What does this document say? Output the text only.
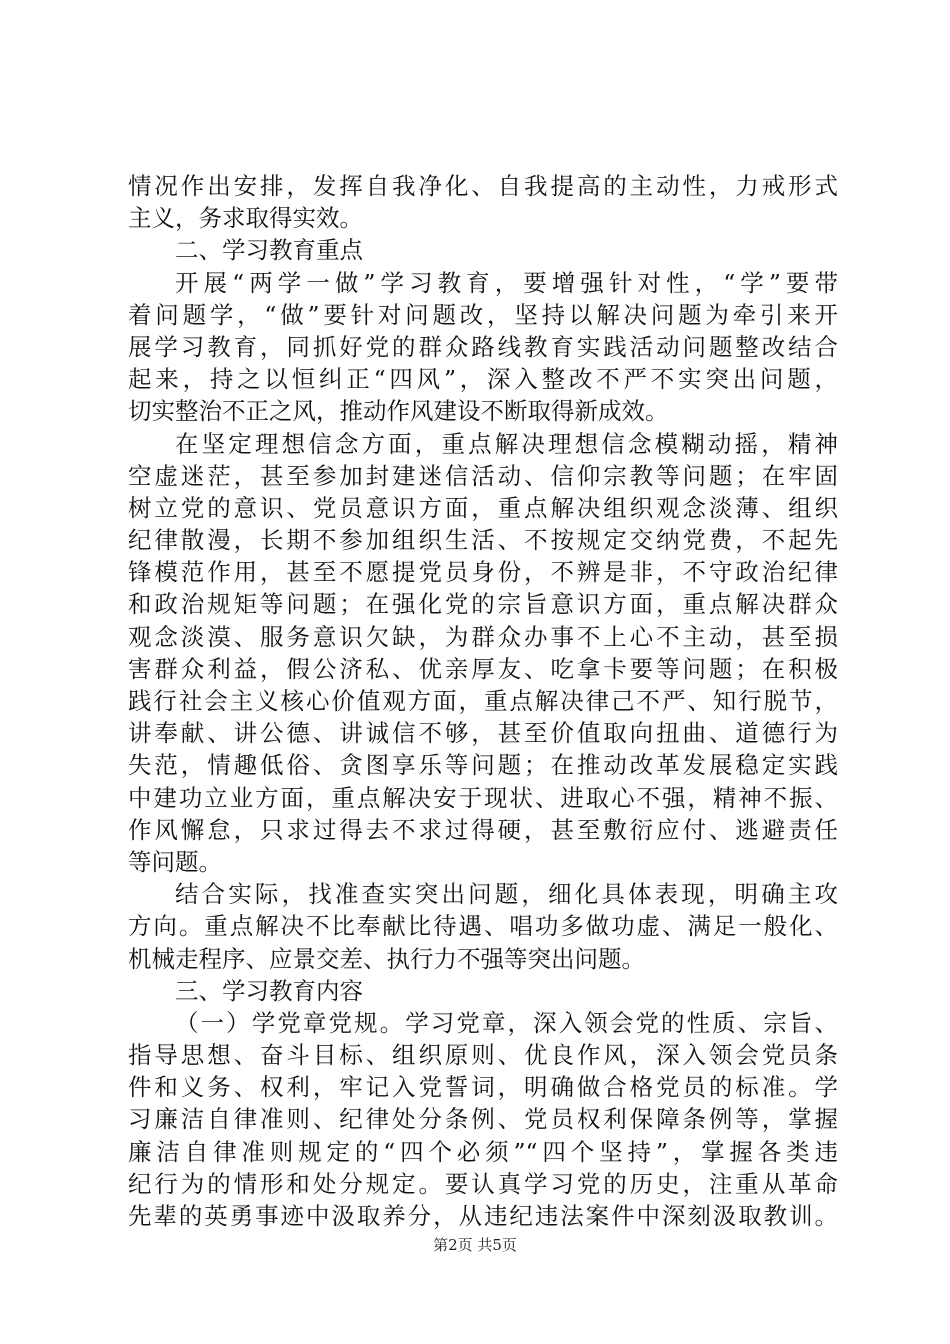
情况作出安排，发挥自我净化、自我提高的主动性，力戒形式
主义，务求取得实效。
二、学习教育重点
开展“两学一做”学习教育，要增强针对性，“学”要带
着问题学，“做”要针对问题改，坚持以解决问题为牵引来开
展学习教育，同抓好党的群众路线教育实践活动问题整改结合
起来，持之以恒纠正“四风”，深入整改不严不实突出问题，
切实整治不正之风，推动作风建设不断取得新成效。
在坚定理想信念方面，重点解决理想信念模糊动摇，精神
空虚迷茫，甚至参加封建迷信活动、信仰宗教等问题；在牢固
树立党的意识、党员意识方面，重点解决组织观念淡薄、组织
纪律散漫，长期不参加组织生活、不按规定交纳党费，不起先
锋模范作用，甚至不愿提党员身份，不辨是非，不守政治纪律
和政治规矩等问题；在强化党的宗旨意识方面，重点解决群众
观念淡漠、服务意识欠缺，为群众办事不上心不主动，甚至损
害群众利益，假公济私、优亲厚友、吃拿卡要等问题；在积极
践行社会主义核心价值观方面，重点解决律己不严、知行脱节，
讲奉献、讲公德、讲诚信不够，甚至价值取向扭曲、道德行为
失范，情趣低俗、贪图享乐等问题；在推动改革发展稳定实践
中建功立业方面，重点解决安于现状、进取心不强，精神不振、
作风懈怠，只求过得去不求过得硬，甚至敷衍应付、逃避责任
等问题。
结合实际，找准查实突出问题，细化具体表现，明确主攻
方向。重点解决不比奉献比待遇、唱功多做功虚、满足一般化、
机械走程序、应景交差、执行力不强等突出问题。
三、学习教育内容
（一）学党章党规。学习党章，深入领会党的性质、宗旨、
指导思想、奋斗目标、组织原则、优良作风，深入领会党员条
件和义务、权利，牢记入党誓词，明确做合格党员的标准。学
习廉洁自律准则、纪律处分条例、党员权利保障条例等，掌握
廉洁自律准则规定的“四个必须”“四个坚持”，掌握各类违
纪行为的情形和处分规定。要认真学习党的历史，注重从革命
先辈的英勇事迹中汲取养分，从违纪违法案件中深刻汲取教训。
第2页 共5页
